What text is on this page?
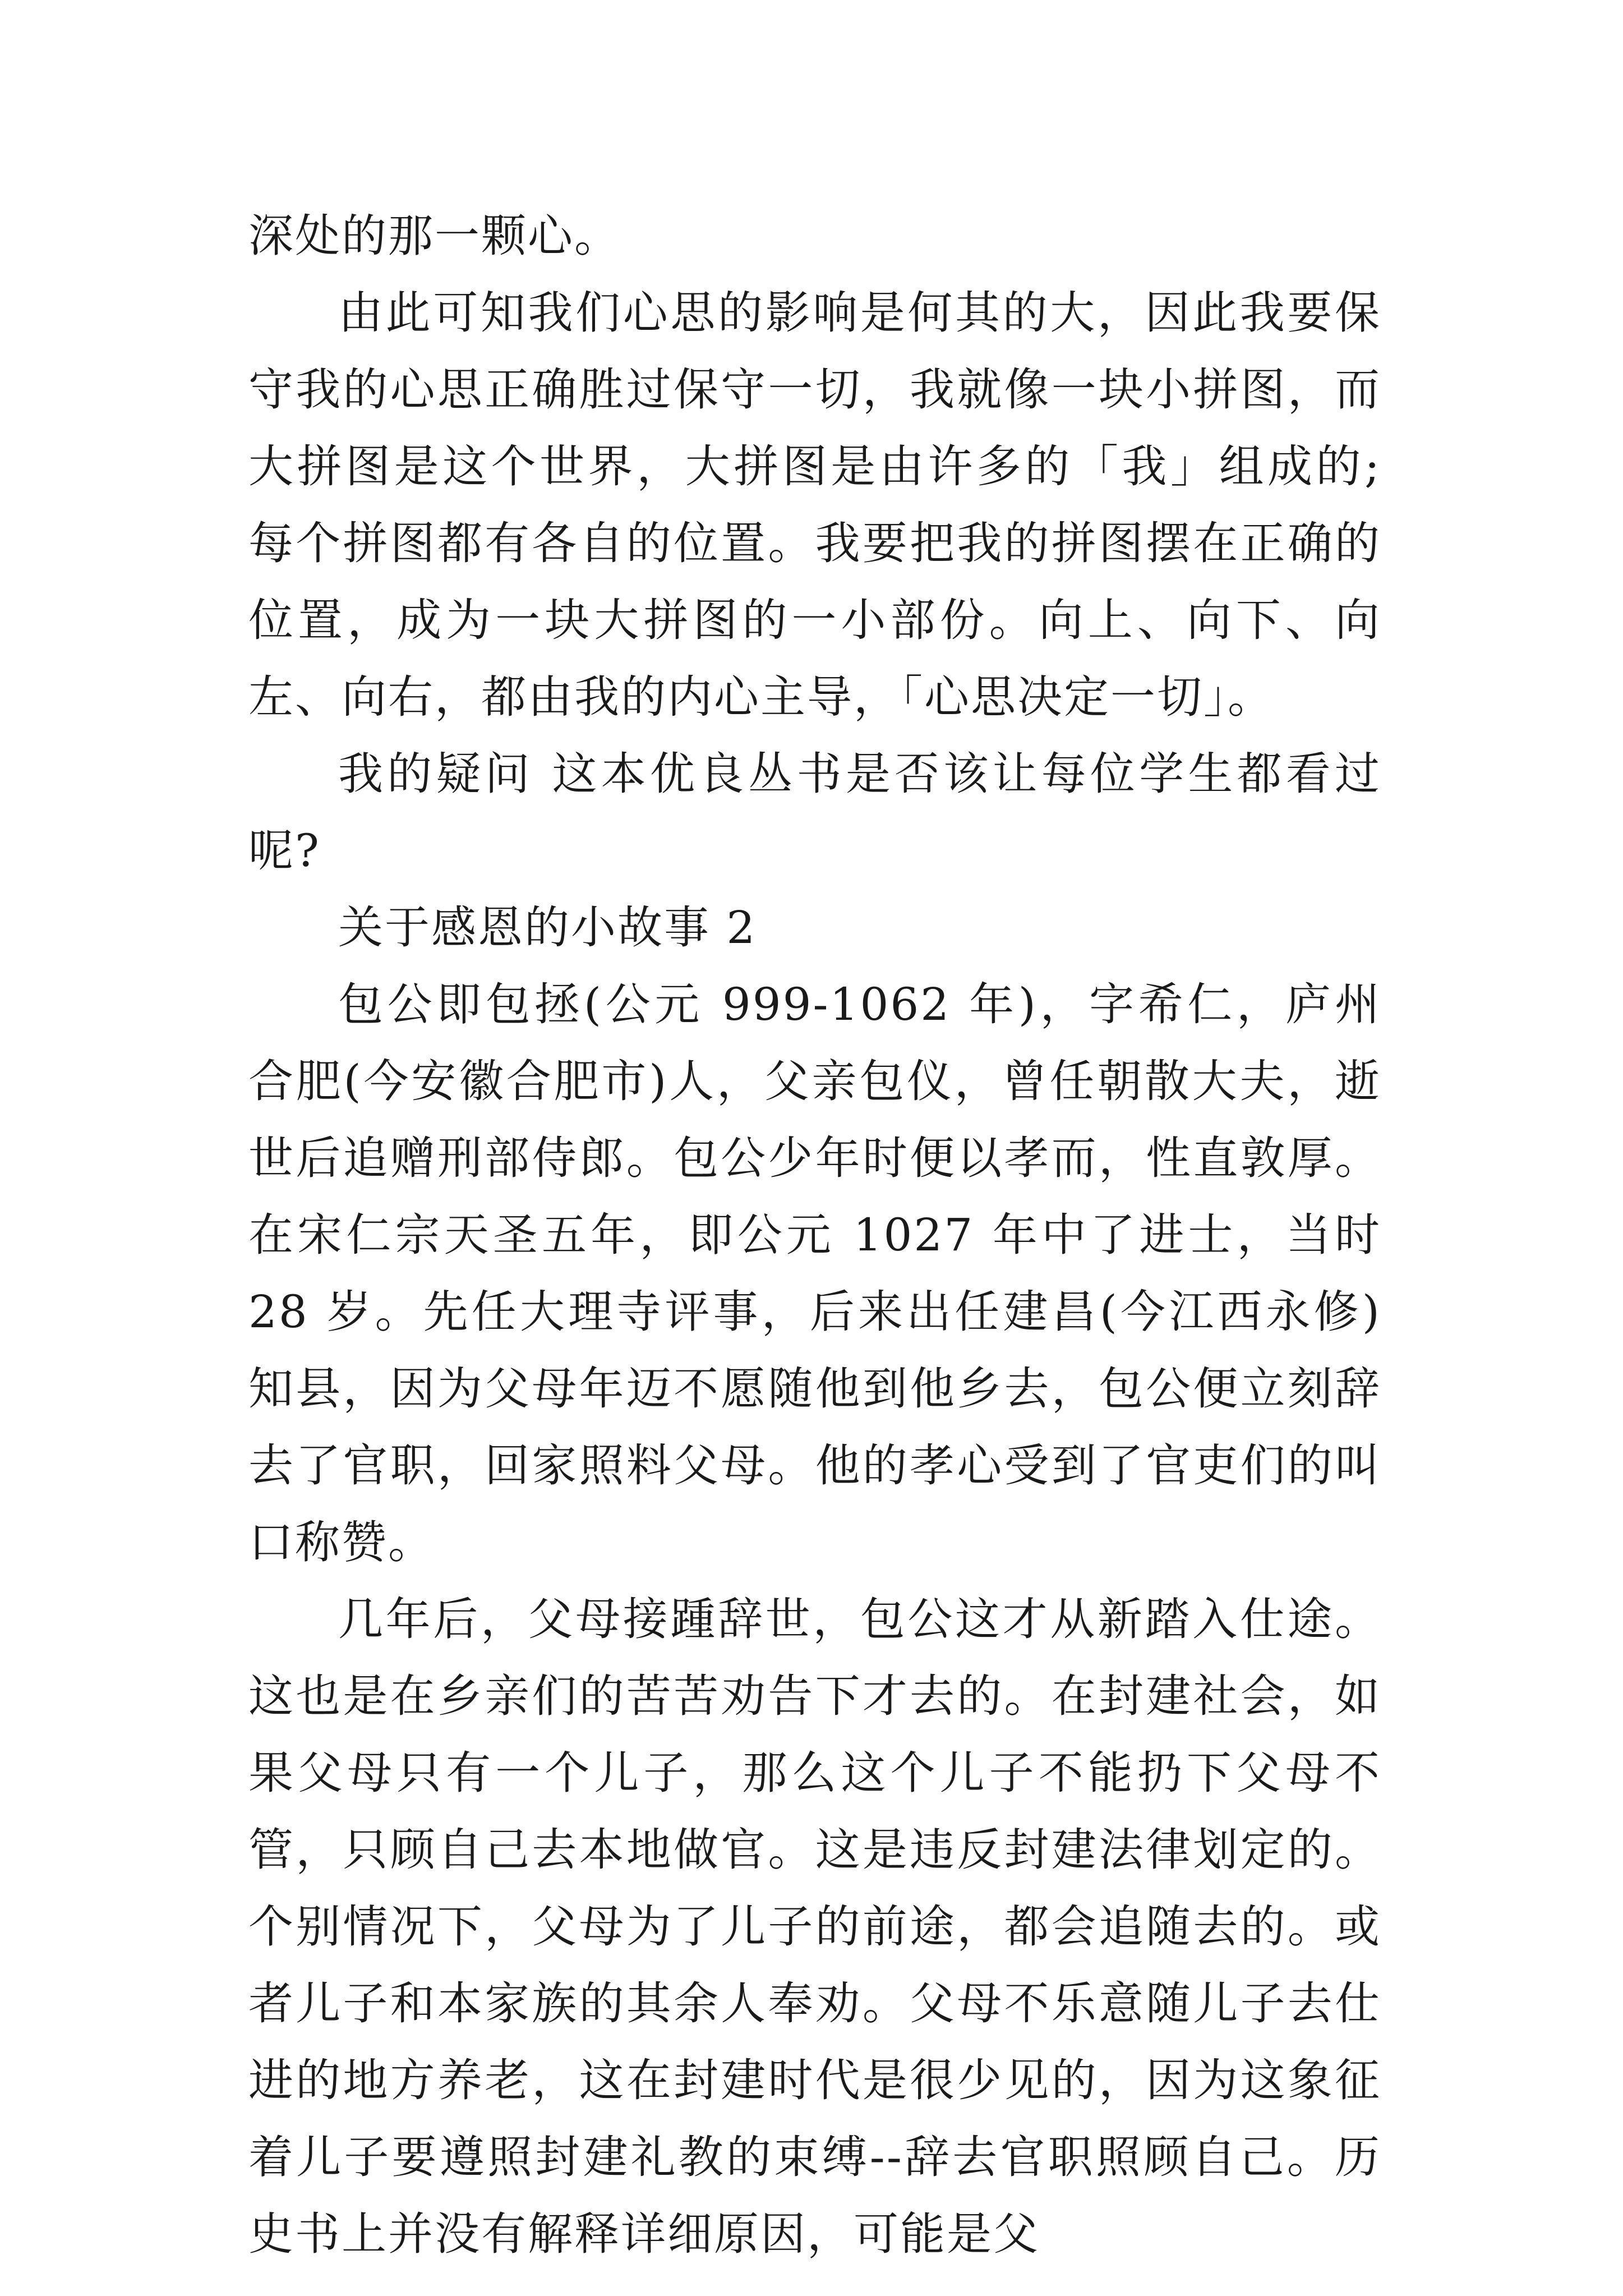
深处的那一颗心。

由此可知我们心思的影响是何其的大，因此我要保守我的心思正确胜过保守一切，我就像一块小拼图，而大拼图是这个世界，大拼图是由许多的「我」组成的;每个拼图都有各自的位置。我要把我的拼图摆在正确的位置，成为一块大拼图的一小部份。向上、向下、向左、向右，都由我的内心主导，「心思决定一切」。

我的疑问 这本优良丛书是否该让每位学生都看过呢?

关于感恩的小故事 2

包公即包拯(公元 999-1062 年)，字希仁，庐州合肥(今安徽合肥市)人，父亲包仪，曾任朝散大夫，逝世后追赠刑部侍郎。包公少年时便以孝而，性直敦厚。在宋仁宗天圣五年，即公元 1027 年中了进士，当时 28 岁。先任大理寺评事，后来出任建昌(今江西永修)知县，因为父母年迈不愿随他到他乡去，包公便立刻辞去了官职，回家照料父母。他的孝心受到了官吏们的叫口称赞。

几年后，父母接踵辞世，包公这才从新踏入仕途。这也是在乡亲们的苦苦劝告下才去的。在封建社会，如果父母只有一个儿子，那么这个儿子不能扔下父母不管，只顾自己去本地做官。这是违反封建法律划定的。个别情况下，父母为了儿子的前途，都会追随去的。或者儿子和本家族的其余人奉劝。父母不乐意随儿子去仕进的地方养老，这在封建时代是很少见的，因为这象征着儿子要遵照封建礼教的束缚--辞去官职照顾自己。历史书上并没有解释详细原因，可能是父
